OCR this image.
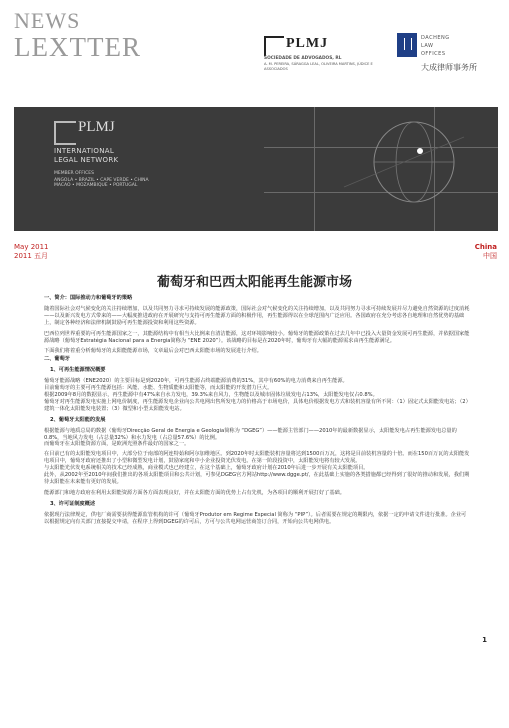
NEWS
LEXTTER	PLMJ
SOCIEDADE DE ADVOGADOS, RL
A. M. PEREIRA, SÁRAGGA LEAL, OLIVEIRA MARTINS, JÚDICE E ASSOCIADOS
DACHENG
LAW
OFFICES
大成律师事务所
PLMJ
INTERNATIONAL
LEGAL NETWORK
MEMBER OFFICES
ANGOLA • BRAZIL • CAPE VERDE • CHINA
MACAO • MOZAMBIQUE • PORTUGAL
May 2011
2011 五月
China
中国
葡萄牙和巴西太阳能再生能源市场
一、简介：国际推动力和葡萄牙的策略

随着国际社会对气候变化的关注持续增加，以及共同努力寻求可持续发展的能源政策，国际社会对气候变化的关注持续增加，以及共同努力寻求可持续发展并尽力避免自然资源的过度消耗——以及新兴发电方式带来的——大幅度推进政府在开展研究与支持可再生能源方面的积极作用，再生能源得以在全球范围内广泛应用。各国政府在充分考虑各自地理和自然优势的基础上，制定各种经济和法律机制鼓励可再生能源投资和利用这些资源。

巴西位列世界重要的可再生能源国家之一，其能源结构中有相当大比例来自清洁能源，这对环境影响较小。葡萄牙的能源政策在过去几年中已投入大量资金发展可再生能源，并依据国家能源战略（葡萄牙Estratégia Nacional para a Energia简称为 “ENE 2020”）。该战略的目标是在2020年时，葡萄牙有大幅的能源需求由再生能源满足。

下面我们将着重分析葡萄牙的太阳能能源市场，文章最后会对巴西太阳能市场的发展进行介绍。

二、葡萄牙
1、可再生能源情况概要

葡萄牙能源战略（ENE2020）的主要目标是到2020年，可再生能源占终端能源消费的31%，其中有60%的电力消费来自再生能源。

目前葡萄牙的主要可再生能源包括：风能、水能、生物质能和太阳能等，而太阳能的开发潜力巨大。

根据2009年8月的数据显示，再生能源中有47%来自水力发电，39.3%来自风力，生物能以及城市固体垃圾发电占13%，太阳能发电仅占0.8%。

葡萄牙对再生能源发电实施上网电价制度，再生能源发电企业向公共电网出售所发电力的价格高于市场电价，具体电价根据发电方式和装机容量有所不同：（1）固定式太阳能发电站；（2）建筑一体化太阳能发电装置；（3）微型和小型太阳能发电站。

2、葡萄牙太阳能的发展

根据能源与地质总局的数据（葡萄牙Direcção Geral de Energia e Geologia简称为 “DGEG”）——能源主管部门——2010年的最新数据显示，太阳能发电占再生能源发电总量的0.8%，当地风力发电（占总量32%）和水力发电（占总量57.6%）的比例。

而葡萄牙在太阳能资源方面，是欧洲光照条件最好的国家之一。

在目前已有的太阳能发电项目中，大部分位于南部的阿连特茹和阿尔加维地区。到2020年时太阳能装机容量将达到1500百万瓦，这将是目前装机容量的十倍。而在150百万瓦的太阳能发电项目中，葡萄牙政府还推出了小型和微型发电计划，鼓励家庭和中小企业投资光伏发电。在第一阶段投资中，太阳能发电将有较大发展。

与太阳能光伏发电系统相关的技术已经成熟，商业模式也已经建立，在这个基础上，葡萄牙政府计划在2010年后进一步开展有关太阳能项目。

此外，从2002年至2010年间我们推出的各项太阳能项目和公共计划，可参见DGEG官方网站http://www.dgge.pt/，在此基础上实施的各类措施都已经得到了很好的推动和发展，我们期待太阳能在未来能有更好的发展。

能源部门和地方政府在利用太阳能资源方面各方面表现良好，并在太阳能方面的优势上占有先机，为各项目的顺利开展打好了基础。

3、许可证制度概述

依据现行法律规定，供电厂商需要获得能源监管机构的许可（葡萄牙Produtor em Regime Especial 简称为 “PIP”）。后者需要在规定的期限内，依据一定的申请文件进行批准。企业可以根据规定向有关部门直接提交申请，在程序上得到DGEG的许可后，方可与公共电网运营商签订合同，开始向公共电网供电。

1
